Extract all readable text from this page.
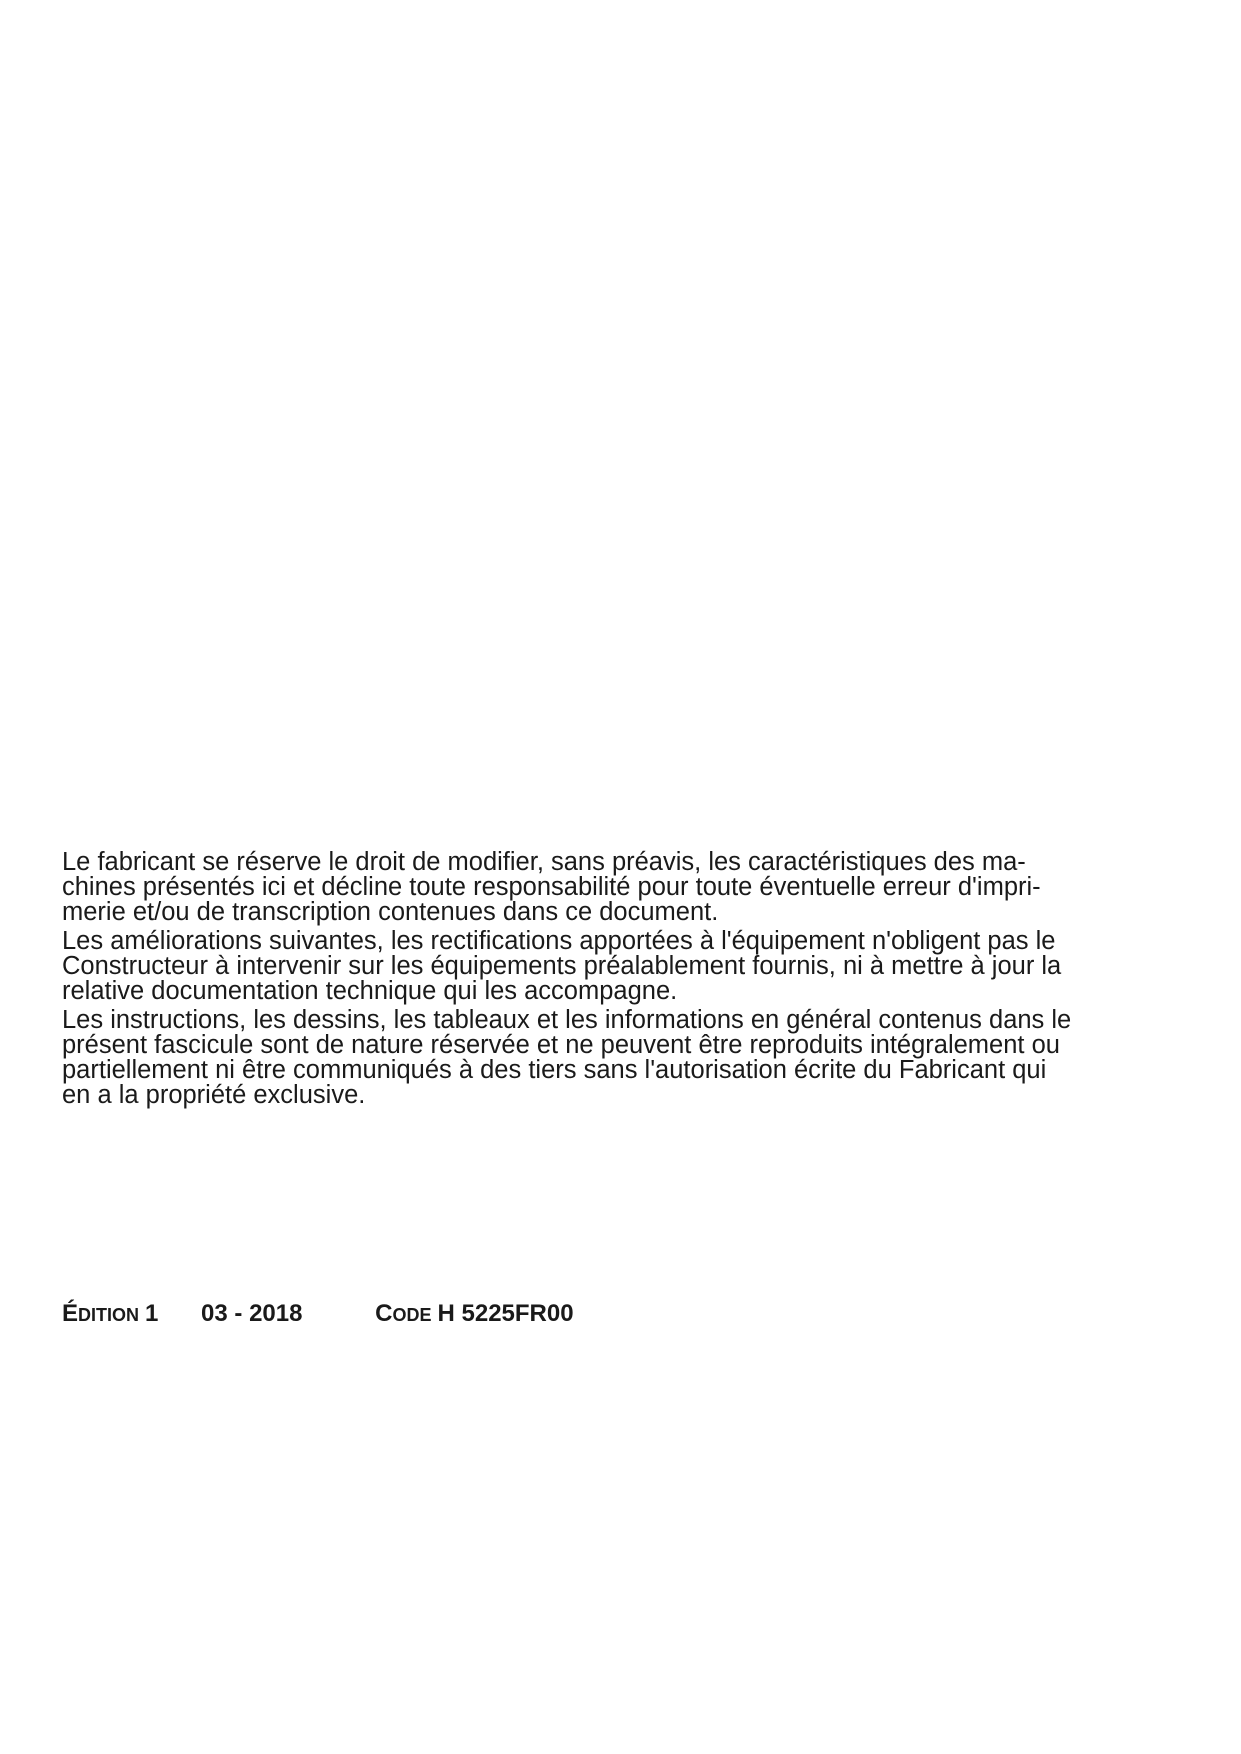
Le fabricant se réserve le droit de modifier, sans préavis, les caractéristiques des ma-
chines présentés ici et décline toute responsabilité pour toute éventuelle erreur d'impri-
merie et/ou de transcription contenues dans ce document.

Les améliorations suivantes, les rectifications apportées à l'équipement n'obligent pas le
Constructeur à intervenir sur les équipements préalablement fournis, ni à mettre à jour la
relative documentation technique qui les accompagne.

Les instructions, les dessins, les tableaux et les informations en général contenus dans le
présent fascicule sont de nature réservée et ne peuvent être reproduits intégralement ou
partiellement ni être communiqués à des tiers sans l'autorisation écrite du Fabricant qui
en a la propriété exclusive.

ÉDITION 1 03 - 2018	CODE H 5225FR00
